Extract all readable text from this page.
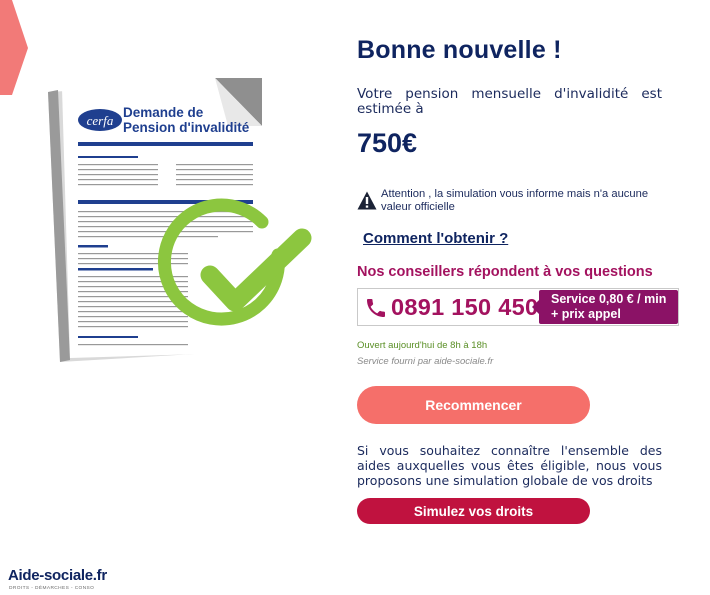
cerfa
Demande de
Pension d'invalidité
Bonne nouvelle !

Votre pension mensuelle d'invalidité est estimée à

750€

Attention , la simulation vous informe mais n'a aucune valeur officielle

Comment l'obtenir ?
Nos conseillers répondent à vos questions
0891 150 450 Service 0,80 € / min
+ prix appel
Ouvert aujourd'hui de 8h à 18h
Service fourni par aide-sociale.fr
Recommencer

Si vous souhaitez connaître l'ensemble des aides auxquelles vous êtes éligible, nous vous proposons une simulation globale de vos droits

Simulez vos droits
Aide-sociale.fr
DROITS - DÉMARCHES - CONSO
